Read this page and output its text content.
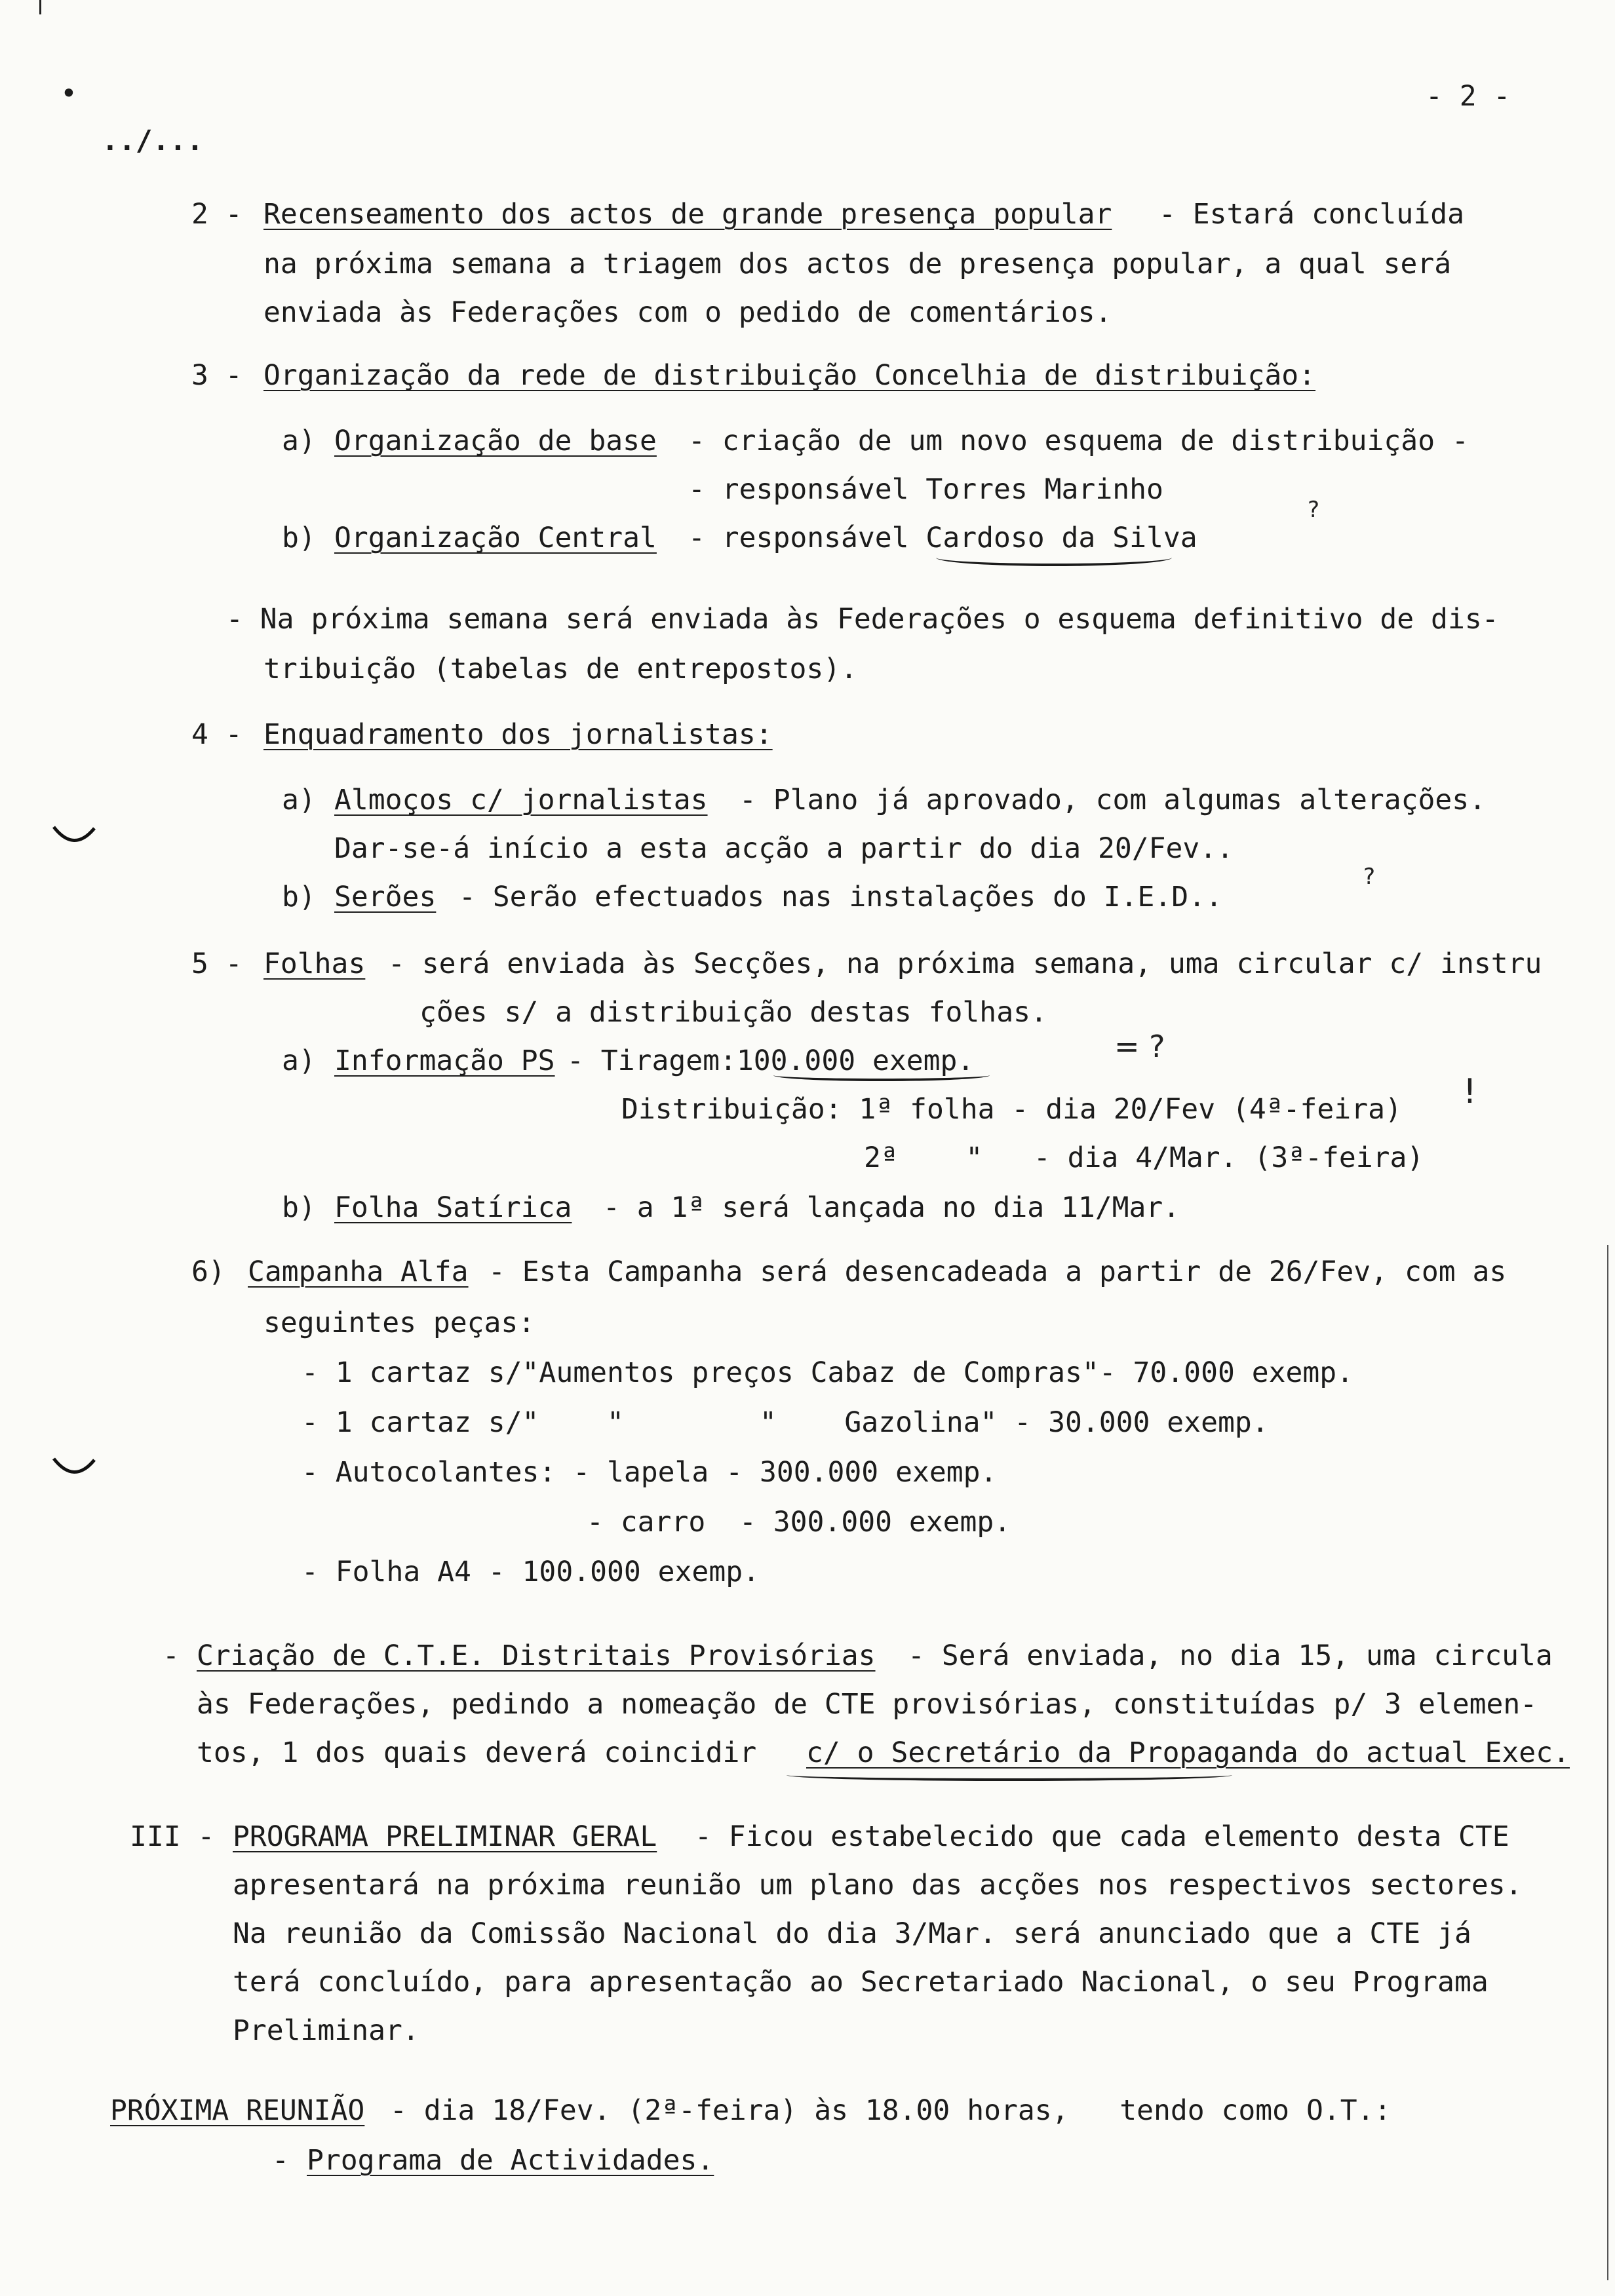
•
../...
- 2 -
2 - Recenseamento dos actos de grande presença popular - Estará concluída
na próxima semana a triagem dos actos de presença popular, a qual será
enviada às Federações com o pedido de comentários.
3 - Organização da rede de distribuição Concelhia de distribuição:
a) Organização de base - criação de um novo esquema de distribuição -
- responsável Torres Marinho
b) Organização Central - responsável Cardoso da Silva
- Na próxima semana será enviada às Federações o esquema definitivo de dis-
tribuição (tabelas de entrepostos).
4 - Enquadramento dos jornalistas:
a) Almoços c/ jornalistas - Plano já aprovado, com algumas alterações.
Dar-se-á início a esta acção a partir do dia 20/Fev..
b) Serões - Serão efectuados nas instalações do I.E.D..
5 - Folhas - será enviada às Secções, na próxima semana, uma circular c/ instru
ções s/ a distribuição destas folhas.
a) Informação PS - Tiragem:100.000 exemp.
Distribuição: 1ª folha - dia 20/Fev (4ª-feira)
2ª    "   - dia 4/Mar. (3ª-feira)
b) Folha Satírica - a 1ª será lançada no dia 11/Mar.
6) Campanha Alfa - Esta Campanha será desencadeada a partir de 26/Fev, com as
seguintes peças:
- 1 cartaz s/"Aumentos preços Cabaz de Compras"- 70.000 exemp.
- 1 cartaz s/"    "        "    Gazolina" - 30.000 exemp.
- Autocolantes: - lapela - 300.000 exemp.
- carro  - 300.000 exemp.
- Folha A4 - 100.000 exemp.
- Criação de C.T.E. Distritais Provisórias - Será enviada, no dia 15, uma circula
às Federações, pedindo a nomeação de CTE provisórias, constituídas p/ 3 elemen-
tos, 1 dos quais deverá coincidir c/ o Secretário da Propaganda do actual Exec.
III - PROGRAMA PRELIMINAR GERAL - Ficou estabelecido que cada elemento desta CTE
apresentará na próxima reunião um plano das acções nos respectivos sectores.
Na reunião da Comissão Nacional do dia 3/Mar. será anunciado que a CTE já
terá concluído, para apresentação ao Secretariado Nacional, o seu Programa
Preliminar.
PRÓXIMA REUNIÃO - dia 18/Fev. (2ª-feira) às 18.00 horas,   tendo como O.T.:
- Programa de Actividades.
?
?
= ?
!
